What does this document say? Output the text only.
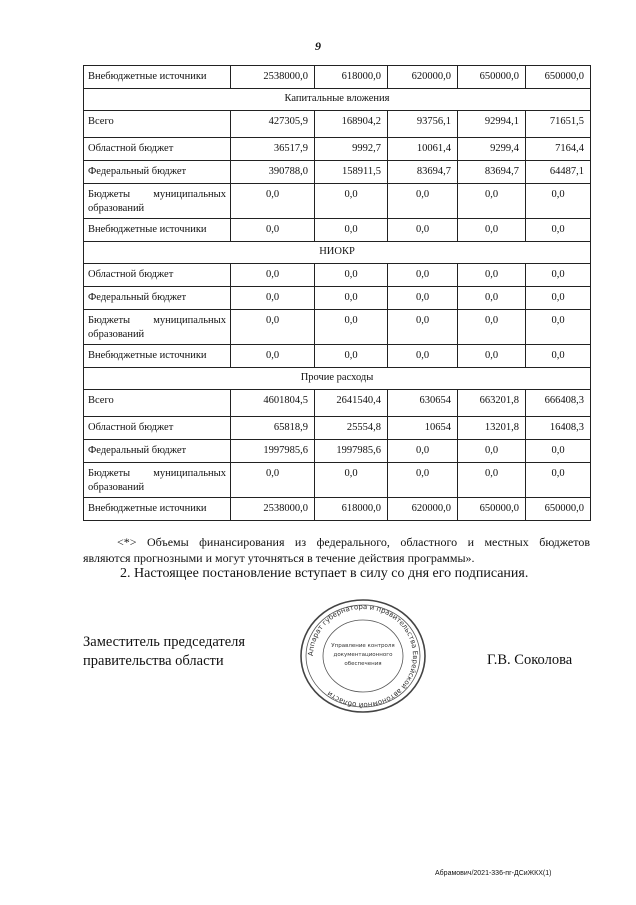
9
Внебюджетные источники	2538000,0	618000,0	620000,0	650000,0	650000,0
Капитальные вложения					
Всего	427305,9	168904,2	93756,1	92994,1	71651,5
Областной бюджет	36517,9	9992,7	10061,4	9299,4	7164,4
Федеральный бюджет	390788,0	158911,5	83694,7	83694,7	64487,1

Бюджеты муниципальных
образований	0,0	0,0	0,0	0,0	0,0
Внебюджетные источники	0,0	0,0	0,0	0,0	0,0
НИОКР					
Областной бюджет	0,0	0,0	0,0	0,0	0,0
Федеральный бюджет	0,0	0,0	0,0	0,0	0,0

Бюджеты муниципальных
образований	0,0	0,0	0,0	0,0	0,0
Внебюджетные источники	0,0	0,0	0,0	0,0	0,0
Прочие расходы					
Всего	4601804,5	2641540,4	630654	663201,8	666408,3
Областной бюджет	65818,9	25554,8	10654	13201,8	16408,3
Федеральный бюджет	1997985,6	1997985,6	0,0	0,0	0,0

Бюджеты муниципальных
образований	0,0	0,0	0,0	0,0	0,0
Внебюджетные источники	2538000,0	618000,0	620000,0	650000,0	650000,0
<*> Объемы финансирования из федерального, областного и местных бюджетов
являются прогнозными и могут уточняться в течение действия программы».
2. Настоящее постановление вступает в силу со дня его подписания.
Заместитель председателя
правительства области	Аппарат губернатора и правительства Еврейской автономной области
Управление контроля
документационного
обеспечения	Г.В. Соколова
Абрамович/2021-336-пг-ДСиЖКХ(1)
